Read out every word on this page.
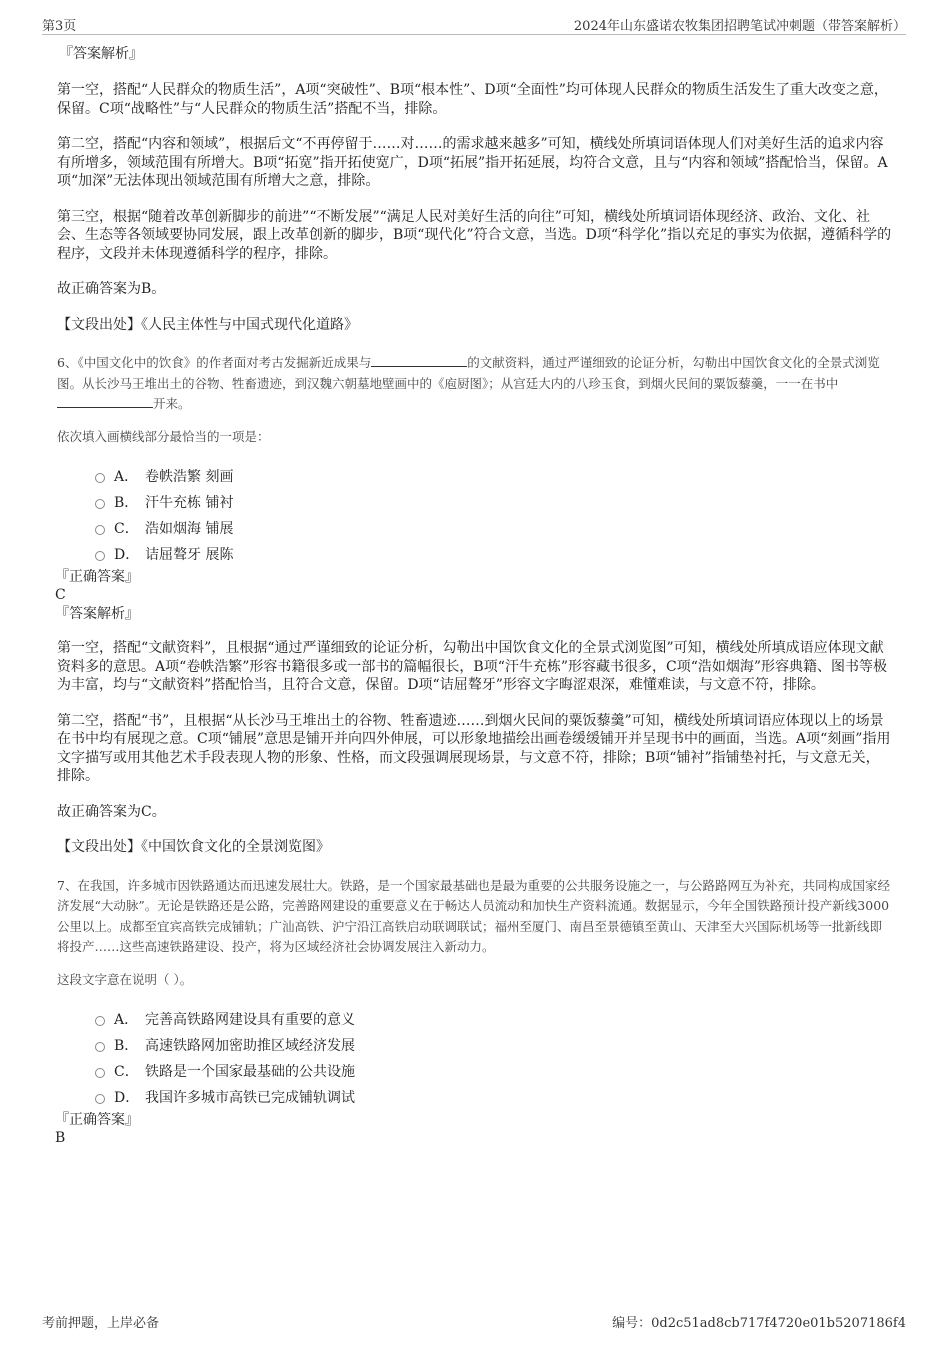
第3页	2024年山东盛诺农牧集团招聘笔试冲刺题（带答案解析）

『答案解析』

第一空，搭配“人民群众的物质生活”，A项“突破性”、B项“根本性”、D项“全面性”均可体现人民群众的物质生活发生了重大改变之意，保留。C项“战略性”与“人民群众的物质生活”搭配不当，排除。

第二空，搭配“内容和领域”，根据后文“不再停留于……对……的需求越来越多”可知，横线处所填词语体现人们对美好生活的追求内容有所增多，领域范围有所增大。B项“拓宽”指开拓使宽广，D项“拓展”指开拓延展，均符合文意，且与“内容和领域”搭配恰当，保留。A项“加深”无法体现出领域范围有所增大之意，排除。

第三空，根据“随着改革创新脚步的前进”“不断发展”“满足人民对美好生活的向往”可知，横线处所填词语体现经济、政治、文化、社会、生态等各领域要协同发展，跟上改革创新的脚步，B项“现代化”符合文意，当选。D项“科学化”指以充足的事实为依据，遵循科学的程序，文段并未体现遵循科学的程序，排除。

故正确答案为B。

【文段出处】《人民主体性与中国式现代化道路》

6、《中国文化中的饮食》的作者面对考古发掘新近成果与	的文献资料，通过严谨细致的论证分析，勾勒出中国饮食文化的全景式浏览图。从长沙马王堆出土的谷物、牲畜遗迹，到汉魏六朝墓地壁画中的《庖厨图》；从宫廷大内的八珍玉食，到烟火民间的粟饭藜羹，一一在书中开来。

依次填入画横线部分最恰当的一项是：

A． 卷帙浩繁 刻画
B． 汗牛充栋 铺衬
C． 浩如烟海 铺展
D． 诘屈聱牙 展陈

『正确答案』

C

『答案解析』

第一空，搭配“文献资料”，且根据“通过严谨细致的论证分析，勾勒出中国饮食文化的全景式浏览图”可知，横线处所填成语应体现文献资料多的意思。A项“卷帙浩繁”形容书籍很多或一部书的篇幅很长，B项“汗牛充栋”形容藏书很多，C项“浩如烟海”形容典籍、图书等极为丰富，均与“文献资料”搭配恰当，且符合文意，保留。D项“诘屈聱牙”形容文字晦涩艰深，难懂难读，与文意不符，排除。

第二空，搭配“书”，且根据“从长沙马王堆出土的谷物、牲畜遗迹……到烟火民间的粟饭藜羹”可知，横线处所填词语应体现以上的场景在书中均有展现之意。C项“铺展”意思是铺开并向四外伸展，可以形象地描绘出画卷缓缓铺开并呈现书中的画面，当选。A项“刻画”指用文字描写或用其他艺术手段表现人物的形象、性格，而文段强调展现场景，与文意不符，排除；B项“铺衬”指铺垫衬托，与文意无关，排除。

故正确答案为C。

【文段出处】《中国饮食文化的全景浏览图》

7、在我国，许多城市因铁路通达而迅速发展壮大。铁路，是一个国家最基础也是最为重要的公共服务设施之一，与公路路网互为补充，共同构成国家经济发展“大动脉”。无论是铁路还是公路，完善路网建设的重要意义在于畅达人员流动和加快生产资料流通。数据显示，今年全国铁路预计投产新线3000公里以上。成都至宜宾高铁完成铺轨；广汕高铁、沪宁沿江高铁启动联调联试；福州至厦门、南昌至景德镇至黄山、天津至大兴国际机场等一批新线即将投产……这些高速铁路建设、投产，将为区域经济社会协调发展注入新动力。

这段文字意在说明（ ）。

A． 完善高铁路网建设具有重要的意义
B． 高速铁路网加密助推区域经济发展
C． 铁路是一个国家最基础的公共设施
D． 我国许多城市高铁已完成铺轨调试

『正确答案』

B

考前押题，上岸必备	编号：0d2c51ad8cb717f4720e01b5207186f4
